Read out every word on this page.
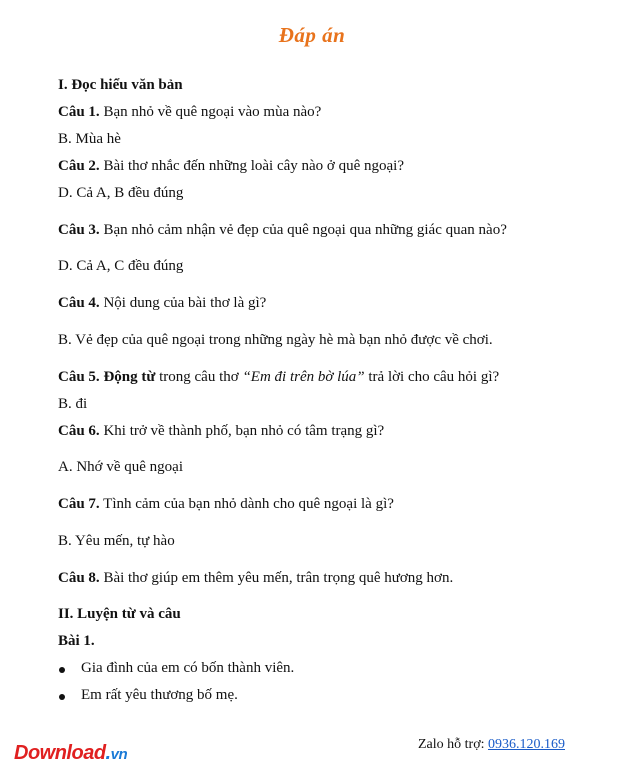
Đáp án
I. Đọc hiểu văn bản
Câu 1. Bạn nhỏ về quê ngoại vào mùa nào?
B. Mùa hè
Câu 2. Bài thơ nhắc đến những loài cây nào ở quê ngoại?
D. Cả A, B đều đúng
Câu 3. Bạn nhỏ cảm nhận vẻ đẹp của quê ngoại qua những giác quan nào?
D. Cả A, C đều đúng
Câu 4. Nội dung của bài thơ là gì?
B. Vẻ đẹp của quê ngoại trong những ngày hè mà bạn nhỏ được về chơi.
Câu 5. Động từ trong câu thơ “Em đi trên bờ lúa” trả lời cho câu hỏi gì?
B. đi
Câu 6. Khi trở về thành phố, bạn nhỏ có tâm trạng gì?
A. Nhớ về quê ngoại
Câu 7. Tình cảm của bạn nhỏ dành cho quê ngoại là gì?
B. Yêu mến, tự hào
Câu 8. Bài thơ giúp em thêm yêu mến, trân trọng quê hương hơn.
II. Luyện từ và câu
Bài 1.
Gia đình của em có bốn thành viên.
Em rất yêu thương bố mẹ.
Download.vn
Zalo hỗ trợ: 0936.120.169
